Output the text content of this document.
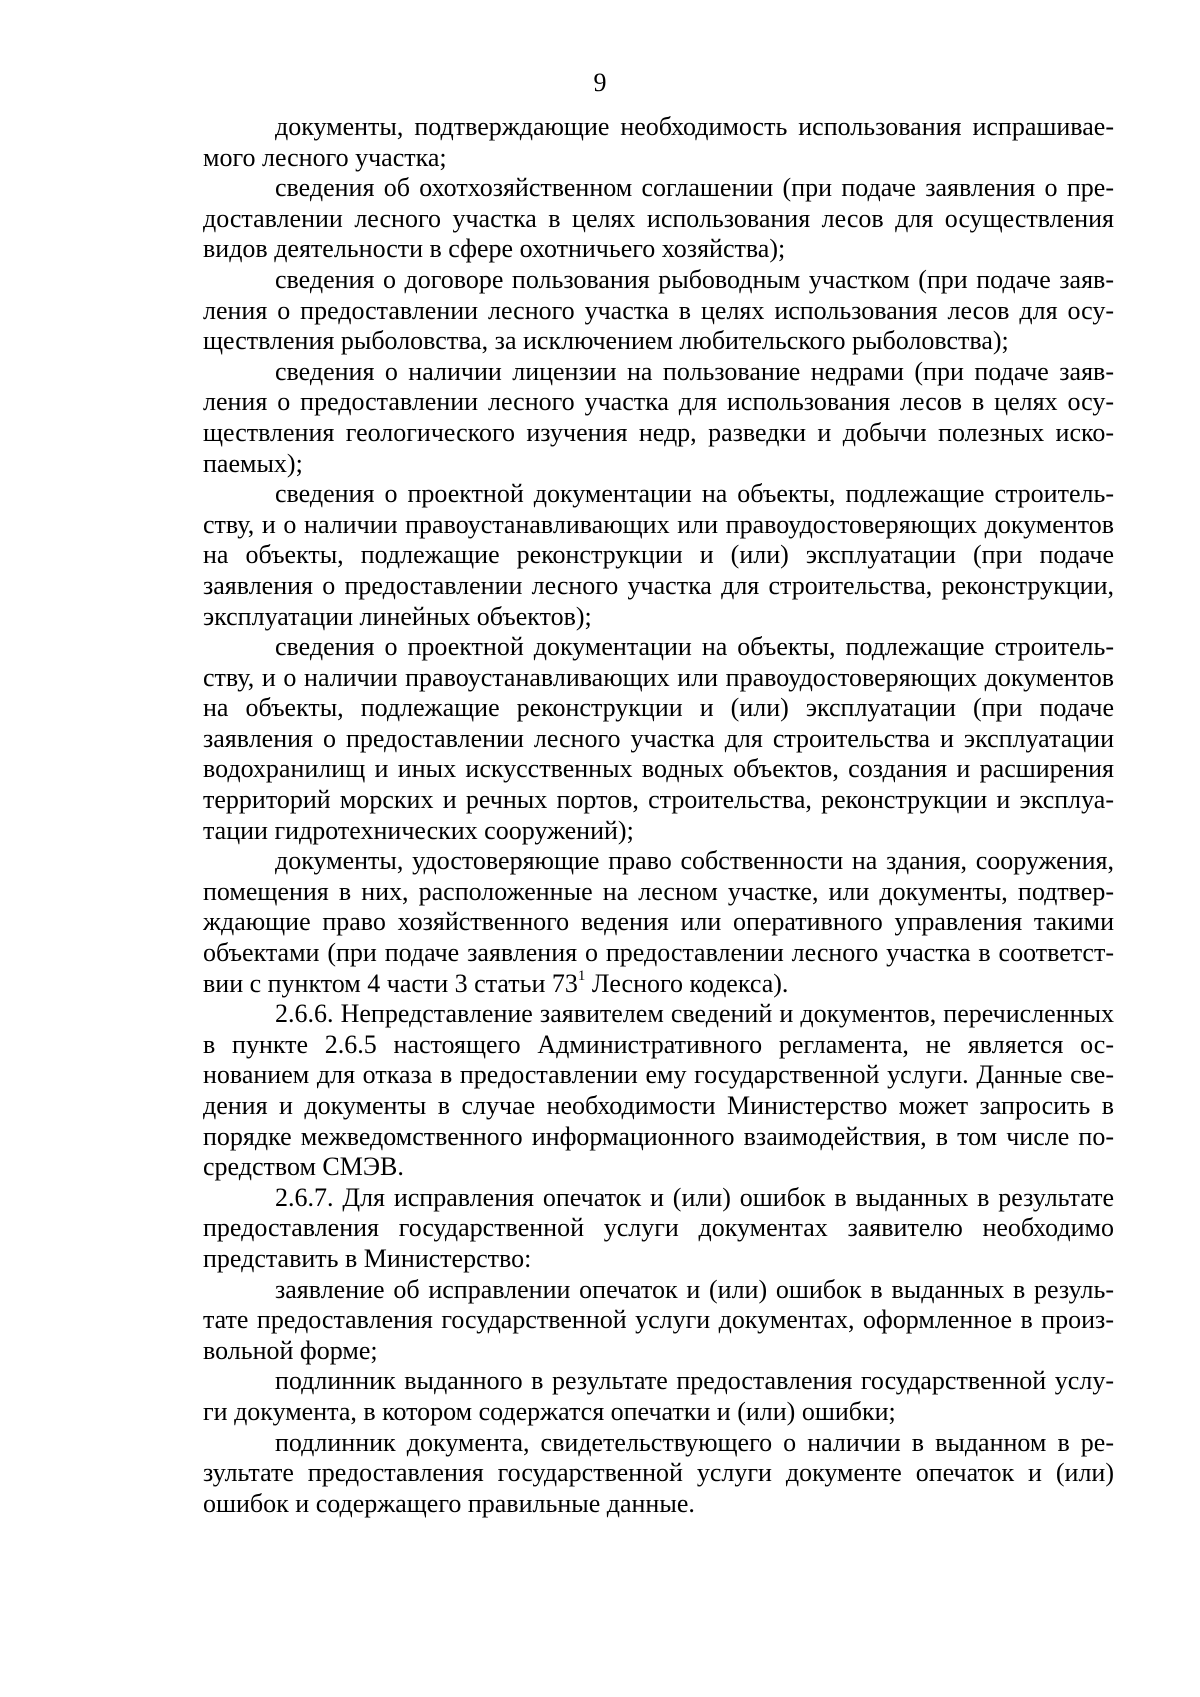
9

документы, подтверждающие необходимость использования испрашиваемого лесного участка;

сведения об охотхозяйственном соглашении (при подаче заявления о предоставлении лесного участка в целях использования лесов для осуществления видов деятельности в сфере охотничьего хозяйства);

сведения о договоре пользования рыбоводным участком (при подаче заявления о предоставлении лесного участка в целях использования лесов для осуществления рыболовства, за исключением любительского рыболовства);

сведения о наличии лицензии на пользование недрами (при подаче заявления о предоставлении лесного участка для использования лесов в целях осуществления геологического изучения недр, разведки и добычи полезных ископаемых);

сведения о проектной документации на объекты, подлежащие строительству, и о наличии правоустанавливающих или правоудостоверяющих документов на объекты, подлежащие реконструкции и (или) эксплуатации (при подаче заявления о предоставлении лесного участка для строительства, реконструкции, эксплуатации линейных объектов);

сведения о проектной документации на объекты, подлежащие строительству, и о наличии правоустанавливающих или правоудостоверяющих документов на объекты, подлежащие реконструкции и (или) эксплуатации (при подаче заявления о предоставлении лесного участка для строительства и эксплуатации водохранилищ и иных искусственных водных объектов, создания и расширения территорий морских и речных портов, строительства, реконструкции и эксплуатации гидротехнических сооружений);

документы, удостоверяющие право собственности на здания, сооружения, помещения в них, расположенные на лесном участке, или документы, подтверждающие право хозяйственного ведения или оперативного управления такими объектами (при подаче заявления о предоставлении лесного участка в соответствии с пунктом 4 части 3 статьи $73^1$ Лесного кодекса).

2.6.6. Непредставление заявителем сведений и документов, перечисленных в пункте 2.6.5 настоящего Административного регламента, не является основанием для отказа в предоставлении ему государственной услуги. Данные сведения и документы в случае необходимости Министерство может запросить в порядке межведомственного информационного взаимодействия, в том числе посредством СМЭВ.

2.6.7. Для исправления опечаток и (или) ошибок в выданных в результате предоставления государственной услуги документах заявителю необходимо представить в Министерство:

заявление об исправлении опечаток и (или) ошибок в выданных в результате предоставления государственной услуги документах, оформленное в произвольной форме;

подлинник выданного в результате предоставления государственной услуги документа, в котором содержатся опечатки и (или) ошибки;

подлинник документа, свидетельствующего о наличии в выданном в результате предоставления государственной услуги документе опечаток и (или) ошибок и содержащего правильные данные.
